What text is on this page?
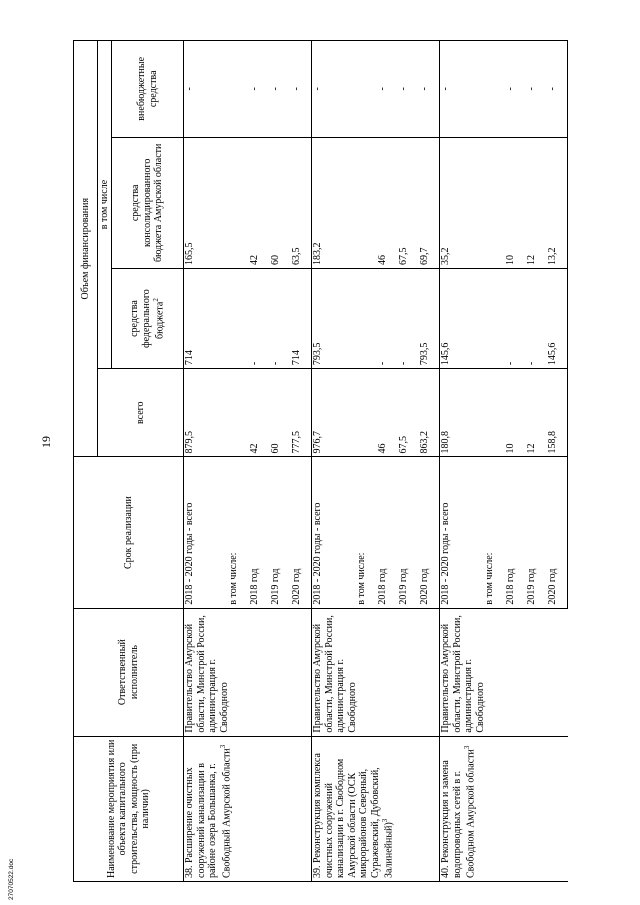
19
27070522.doc
Наименование мероприятия или объекта капитального строительства, мощность (при наличии)	Ответственный исполнитель	Срок реализации	Объем финансирования			
			всего	в том числе		
				средства федерального бюджета$^2$	средства консолидированного бюджета Амурской области	внебюджетные средства
38. Расширение очистных сооружений канализации в районе озера Большанка, г. Свободный Амурской области$^3$	Правительство Амурской области, Минстрой России, администрация г. Свободного	2018 - 2020 годы - всего	879,5	714	165,5	-
		в том числе:				
		2018 год	42	-	42	-
		2019 год	60	-	60	-
		2020 год	777,5	714	63,5	-
39. Реконструкция комплекса очистных сооружений канализации в г. Свободном Амурской области (ОСК микрорайонов Северный, Суражевский, Дубовский, Залинейный)$^3$	Правительство Амурской области, Минстрой России, администрация г. Свободного	2018 - 2020 годы - всего	976,7	793,5	183,2	-
		в том числе:				
		2018 год	46	-	46	-
		2019 год	67,5	-	67,5	-
		2020 год	863,2	793,5	69,7	-
40. Реконструкция и замена водопроводных сетей в г. Свободном Амурской области$^3$	Правительство Амурской области, Минстрой России, администрация г. Свободного	2018 - 2020 годы - всего	180,8	145,6	35,2	-
		в том числе:				
		2018 год	10	-	10	-
		2019 год	12	-	12	-
		2020 год	158,8	145,6	13,2	-
